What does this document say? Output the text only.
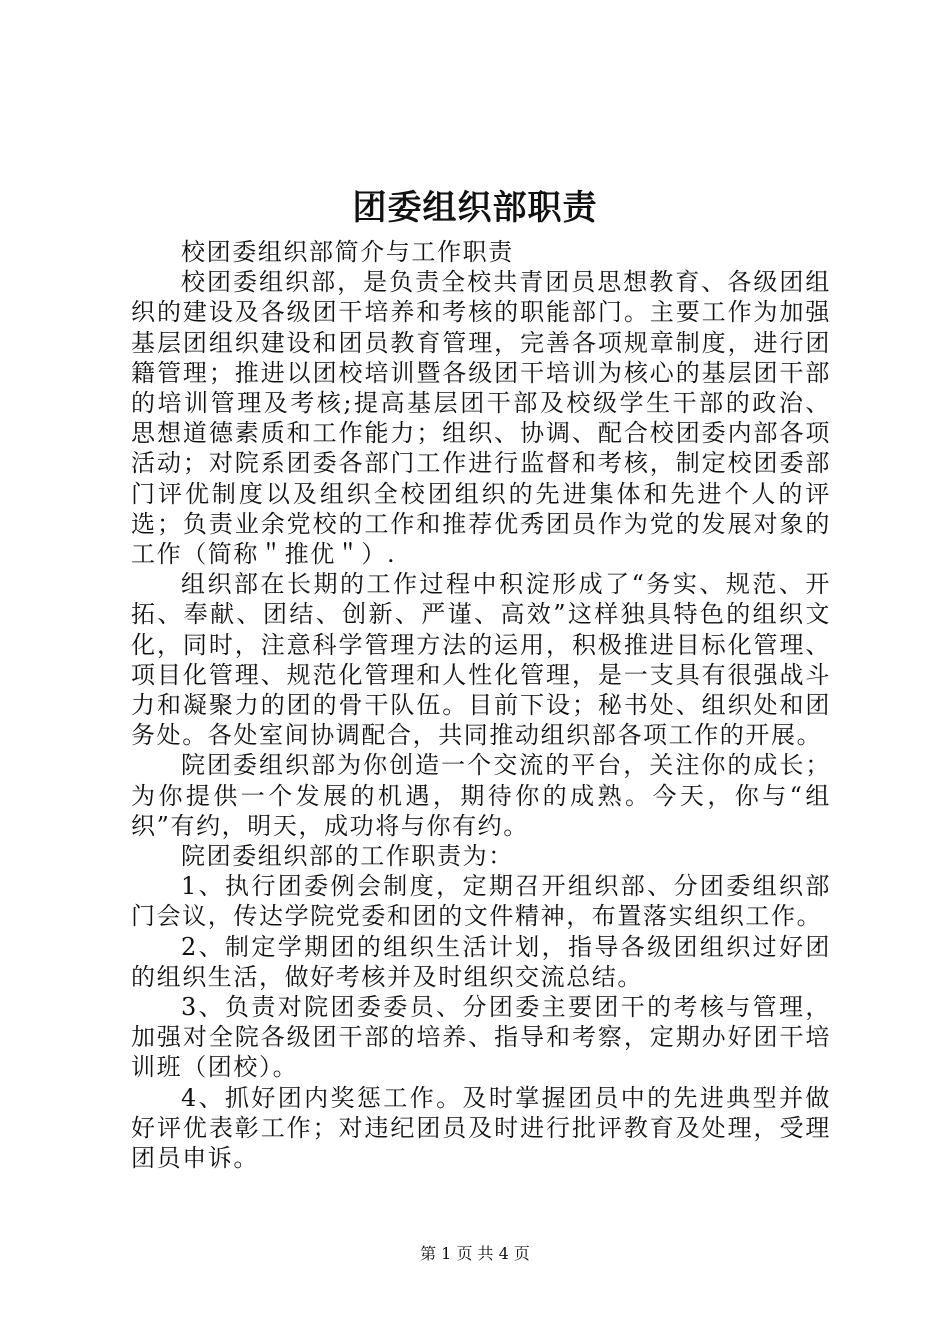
团委组织部职责

校团委组织部简介与工作职责

校团委组织部，是负责全校共青团员思想教育、各级团组织的建设及各级团干培养和考核的职能部门。主要工作为加强基层团组织建设和团员教育管理，完善各项规章制度，进行团籍管理；推进以团校培训暨各级团干培训为核心的基层团干部的培训管理及考核;提高基层团干部及校级学生干部的政治、思想道德素质和工作能力；组织、协调、配合校团委内部各项活动；对院系团委各部门工作进行监督和考核，制定校团委部门评优制度以及组织全校团组织的先进集体和先进个人的评选；负责业余党校的工作和推荐优秀团员作为党的发展对象的工作（简称＂推优＂）.

组织部在长期的工作过程中积淀形成了“务实、规范、开拓、奉献、团结、创新、严谨、高效”这样独具特色的组织文化，同时，注意科学管理方法的运用，积极推进目标化管理、项目化管理、规范化管理和人性化管理，是一支具有很强战斗力和凝聚力的团的骨干队伍。目前下设；秘书处、组织处和团务处。各处室间协调配合，共同推动组织部各项工作的开展。

院团委组织部为你创造一个交流的平台，关注你的成长；为你提供一个发展的机遇，期待你的成熟。今天，你与“组织”有约，明天，成功将与你有约。

院团委组织部的工作职责为：

1、执行团委例会制度，定期召开组织部、分团委组织部门会议，传达学院党委和团的文件精神，布置落实组织工作。

2、制定学期团的组织生活计划，指导各级团组织过好团的组织生活，做好考核并及时组织交流总结。

3、负责对院团委委员、分团委主要团干的考核与管理，加强对全院各级团干部的培养、指导和考察，定期办好团干培训班（团校）。

4、抓好团内奖惩工作。及时掌握团员中的先进典型并做好评优表彰工作；对违纪团员及时进行批评教育及处理，受理团员申诉。

第 1 页 共 4 页
